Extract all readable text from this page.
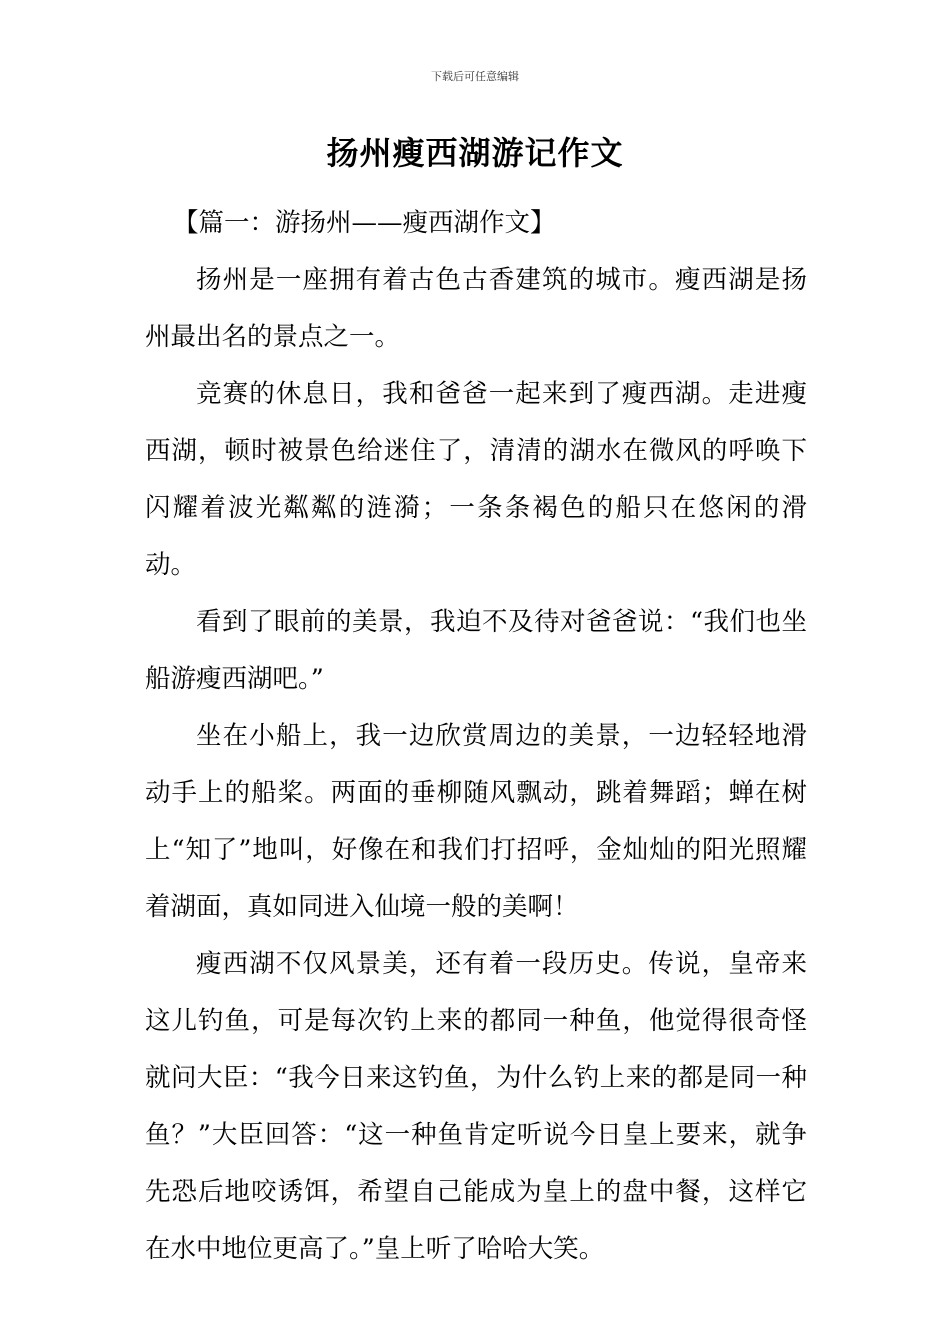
下载后可任意编辑
扬州瘦西湖游记作文

【篇一：游扬州——瘦西湖作文】

扬州是一座拥有着古色古香建筑的城市。瘦西湖是扬州最出名的景点之一。

竞赛的休息日，我和爸爸一起来到了瘦西湖。走进瘦西湖，顿时被景色给迷住了，清清的湖水在微风的呼唤下闪耀着波光粼粼的涟漪；一条条褐色的船只在悠闲的滑动。

看到了眼前的美景，我迫不及待对爸爸说：“我们也坐船游瘦西湖吧。”

坐在小船上，我一边欣赏周边的美景，一边轻轻地滑动手上的船桨。两面的垂柳随风飘动，跳着舞蹈；蝉在树上“知了”地叫，好像在和我们打招呼，金灿灿的阳光照耀着湖面，真如同进入仙境一般的美啊！

瘦西湖不仅风景美，还有着一段历史。传说，皇帝来这儿钓鱼，可是每次钓上来的都同一种鱼，他觉得很奇怪就问大臣：“我今日来这钓鱼，为什么钓上来的都是同一种鱼？”大臣回答：“这一种鱼肯定听说今日皇上要来，就争先恐后地咬诱饵，希望自己能成为皇上的盘中餐，这样它在水中地位更高了。”皇上听了哈哈大笑。
